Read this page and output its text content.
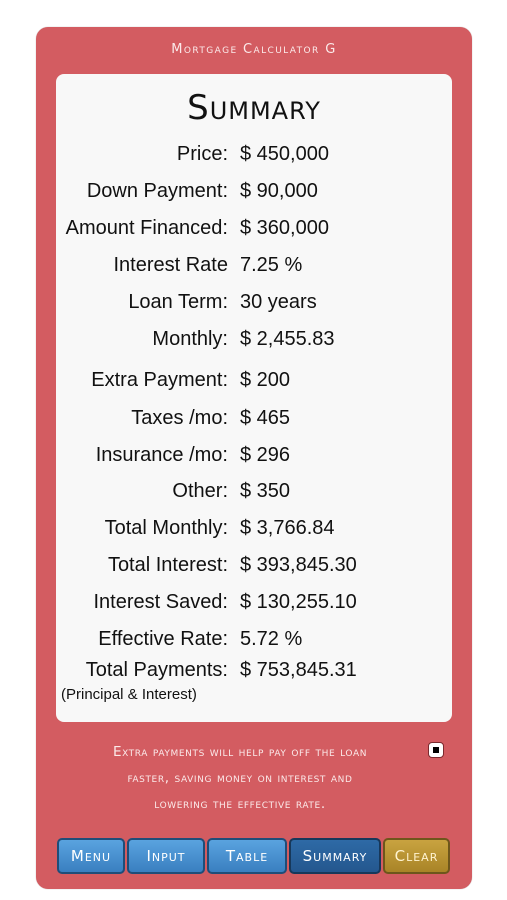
Mortgage Calculator G
Summary
Price: $ 450,000
Down Payment: $ 90,000
Amount Financed: $ 360,000
Interest Rate 7.25 %
Loan Term: 30 years
Monthly: $ 2,455.83
Extra Payment: $ 200
Taxes /mo: $ 465
Insurance /mo: $ 296
Other: $ 350
Total Monthly: $ 3,766.84
Total Interest: $ 393,845.30
Interest Saved: $ 130,255.10
Effective Rate: 5.72 %
Total Payments: $ 753,845.31
(Principal & Interest)
Extra payments will help pay off the loan
faster, saving money on interest and
lowering the effective rate.
Menu	Input	Table	Summary	Clear
